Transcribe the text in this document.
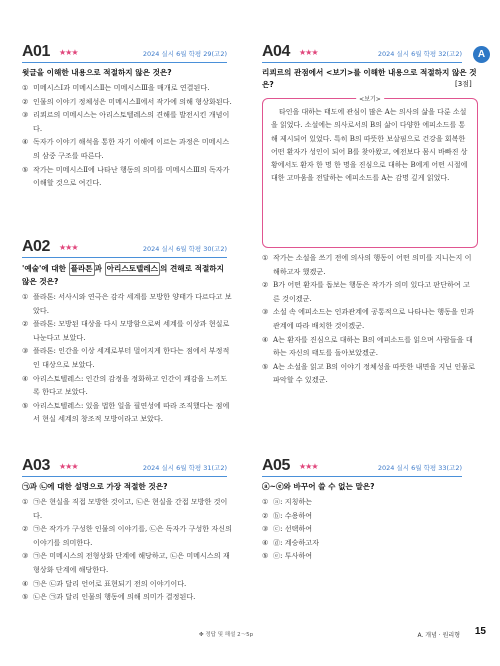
A
A01 ★★★	2024 실시 6월 학평 29(고2)
윗글을 이해한 내용으로 적절하지 않은 것은?
① 미메시스Ⅰ과 미메시스Ⅱ는 미메시스Ⅲ을 매개로 연결된다.
② 인물의 이야기 정체성은 미메시스Ⅱ에서 작가에 의해 형상화된다.
③ 리쾨르의 미메시스는 아리스토텔레스의 견해를 발전시킨 개념이다.
④ 독자가 이야기 해석을 통한 자기 이해에 이르는 과정은 미메시스의 삼중 구조를 따른다.
⑤ 작가는 미메시스Ⅱ에 나타난 행동의 의미를 미메시스Ⅲ의 독자가 이해할 것으로 여긴다.
A02 ★★★	2024 실시 6월 학평 30(고2)
'예술'에 대한 플라톤 과 아리스토텔레스 의 견해로 적절하지 않은 것은?
① 플라톤: 서사시와 연극은 감각 세계를 모방한 양태가 다르다고 보았다.
② 플라톤: 모방된 대상을 다시 모방함으로써 세계를 이상과 현실로 나눈다고 보았다.
③ 플라톤: 인간을 이상 세계로부터 멀어지게 한다는 점에서 부정적인 대상으로 보았다.
④ 아리스토텔레스: 인간의 감정을 정화하고 인간이 쾌감을 느끼도록 한다고 보았다.
⑤ 아리스토텔레스: 있을 법한 일을 필연성에 따라 조직했다는 점에서 현실 세계의 창조적 모방이라고 보았다.
A03 ★★★	2024 실시 6월 학평 31(고2)
㉠과 ㉡에 대한 설명으로 가장 적절한 것은?
① ㉠은 현실을 직접 모방한 것이고, ㉡은 현실을 간접 모방한 것이다.
② ㉠은 작가가 구성한 인물의 이야기를, ㉡은 독자가 구성한 자신의 이야기를 의미한다.
③ ㉠은 미메시스의 전형상화 단계에 해당하고, ㉡은 미메시스의 재형상화 단계에 해당한다.
④ ㉠은 ㉡과 달리 언어로 표현되기 전의 이야기이다.
⑤ ㉡은 ㉠과 달리 인물의 행동에 의해 의미가 결정된다.
A04 ★★★	2024 실시 6월 학평 32(고2)
리쾨르의 관점에서 <보기>를 이해한 내용으로 적절하지 않은 것은?	[3점]
<보기>
타인을 대하는 태도에 관심이 많은 A는 의사의 삶을 다룬 소설을 읽었다. 소설에는 의사로서의 B의 삶이 다양한 에피소드를 통해 제시되어 있었다. 특히 B의 따뜻한 보살핌으로 건강을 회복한 어떤 환자가 성인이 되어 B를 찾아왔고, 예전보다 몸시 바빠진 상황에서도 환자 한 명 한 명을 진심으로 대하는 B에게 어떤 시절에 대한 고마움을 전달하는 에피소드를 A는 감명 깊게 읽었다.
① 작가는 소설을 쓰기 전에 의사의 행동이 어떤 의미를 지니는지 이해하고자 했겠군.
② B가 어떤 환자를 돕보는 행동은 작가가 의미 있다고 판단하여 고른 것이겠군.
③ 소설 속 에피소드는 인과관계에 공통적으로 나타나는 행동을 인과 관계에 따라 배치한 것이겠군.
④ A는 환자를 진심으로 대하는 B의 에피소드를 읽으며 사람들을 대하는 자신의 태도를 돌아보았겠군.
⑤ A는 소설을 읽고 B의 이야기 정체성을 따뜻한 내면을 지닌 인물로 파악할 수 있겠군.
A05 ★★★	2024 실시 6월 학평 33(고2)
ⓐ~ⓔ와 바꾸어 쓸 수 없는 말은?
① ⓐ: 지칭하는
② ⓑ: 수용하여
③ ⓒ: 선택하여
④ ⓓ: 계승하고자
⑤ ⓔ: 투사하여
✤ 정답 및 해설 2～5p	A. 개념 · 원리형 15
